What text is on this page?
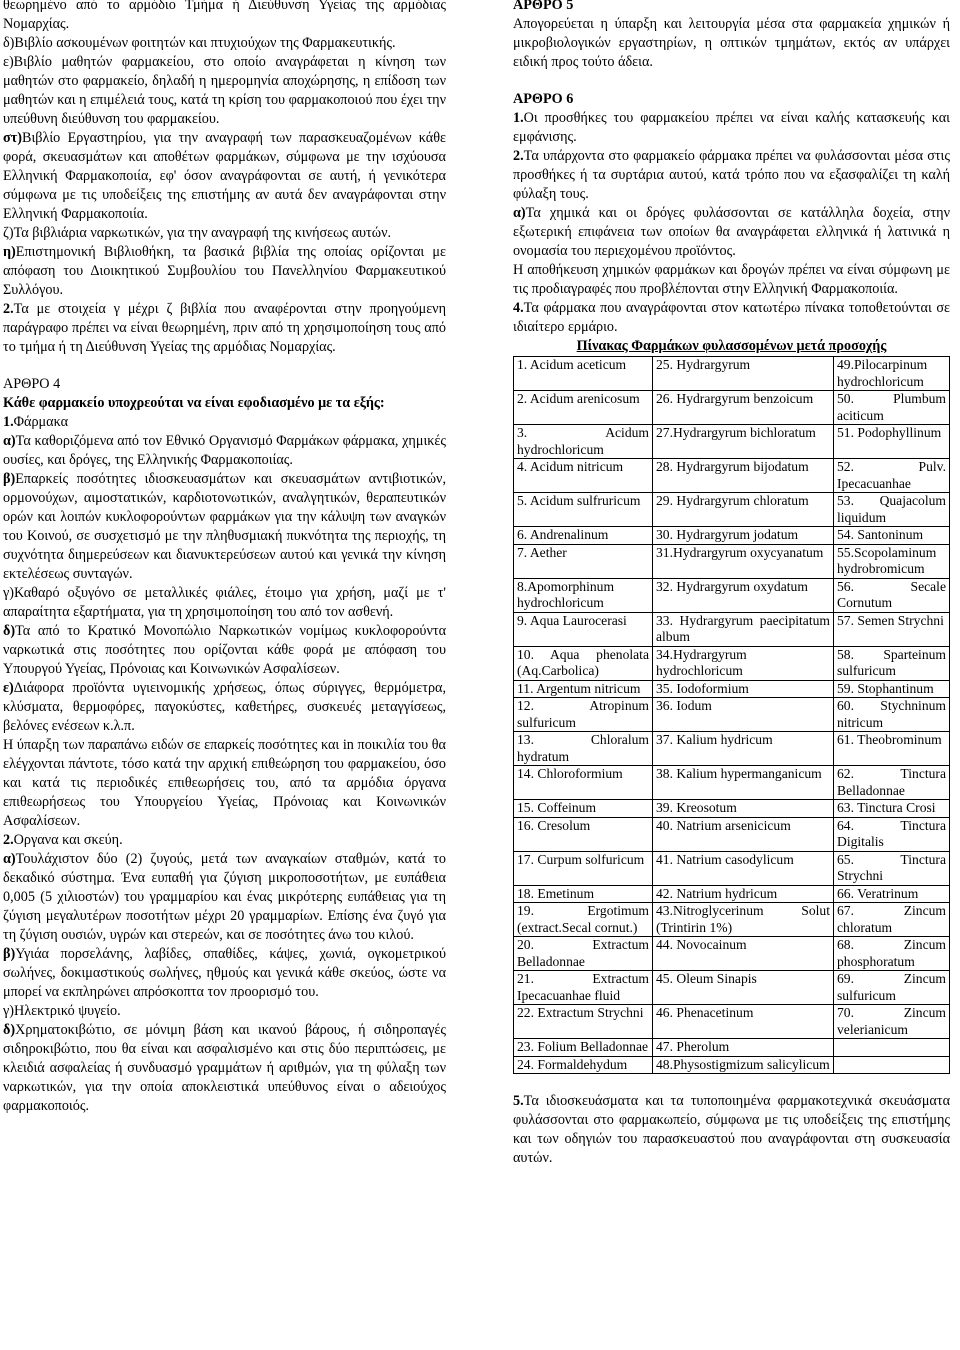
θεωρημένο από το αρμόδιο Τμήμα ή Διεύθυνση Υγείας της αρμόδιας Νομαρχίας.

δ)Βιβλίο ασκουμένων φοιτητών και πτυχιούχων της Φαρμακευτικής.

ε)Βιβλίο μαθητών φαρμακείου, στο οποίο αναγράφεται η κίνηση των μαθητών στο φαρμακείο, δηλαδή η ημερομηνία αποχώρησης, η επίδοση των μαθητών και η επιμέλειά τους, κατά τη κρίση του φαρμακοποιού που έχει την υπεύθυνη διεύθυνση του φαρμακείου.

στ)Βιβλίο Εργαστηρίου, για την αναγραφή των παρασκευαζομένων κάθε φορά, σκευασμάτων και αποθέτων φαρμάκων, σύμφωνα με την ισχύουσα Ελληνική Φαρμακοποιία, εφ' όσον αναγράφονται σε αυτή, ή γενικότερα σύμφωνα με τις υποδείξεις της επιστήμης αν αυτά δεν αναγράφονται στην Ελληνική Φαρμακοποιία.

ζ)Τα βιβλιάρια ναρκωτικών, για την αναγραφή της κινήσεως αυτών.

η)Επιστημονική Βιβλιοθήκη, τα βασικά βιβλία της οποίας ορίζονται με απόφαση του Διοικητικού Συμβουλίου του Πανελληνίου Φαρμακευτικού Συλλόγου.

2.Τα με στοιχεία γ μέχρι ζ βιβλία που αναφέρονται στην προηγούμενη παράγραφο πρέπει να είναι θεωρημένη, πριν από τη χρησιμοποίηση τους από το τμήμα ή τη Διεύθυνση Υγείας της αρμόδιας Νομαρχίας.

ΑΡΘΡΟ 4

Κάθε φαρμακείο υποχρεούται να είναι εφοδιασμένο με τα εξής:

1.Φάρμακα

α)Τα καθοριζόμενα από τον Εθνικό Οργανισμό Φαρμάκων φάρμακα, χημικές ουσίες, και δρόγες, της Ελληνικής Φαρμακοποιίας.

β)Επαρκείς ποσότητες ιδιοσκευασμάτων και σκευασμάτων αντιβιοτικών, ορμονούχων, αιμοστατικών, καρδιοτονωτικών, αναλγητικών, θεραπευτικών ορών και λοιπών κυκλοφορούντων φαρμάκων για την κάλυψη των αναγκών του Κοινού, σε συσχετισμό με την πληθυσμιακή πυκνότητα της περιοχής, τη συχνότητα διημερεύσεων και διανυκτερεύσεων αυτού και γενικά την κίνηση εκτελέσεως συνταγών.

γ)Καθαρό οξυγόνο σε μεταλλικές φιάλες, έτοιμο για χρήση, μαζί με τ' απαραίτητα εξαρτήματα, για τη χρησιμοποίηση του από τον ασθενή.

δ)Τα από το Κρατικό Μονοπώλιο Ναρκωτικών νομίμως κυκλοφορούντα ναρκωτικά στις ποσότητες που ορίζονται κάθε φορά με απόφαση του Υπουργού Υγείας, Πρόνοιας και Κοινωνικών Ασφαλίσεων.

ε)Διάφορα προϊόντα υγιεινομικής χρήσεως, όπως σύριγγες, θερμόμετρα, κλύσματα, θερμοφόρες, παγοκύστες, καθετήρες, συσκευές μεταγγίσεως, βελόνες ενέσεων κ.λ.π.

Η ύπαρξη των παραπάνω ειδών σε επαρκείς ποσότητες και in ποικιλία του θα ελέγχονται πάντοτε, τόσο κατά την αρχική επιθεώρηση του φαρμακείου, όσο και κατά τις περιοδικές επιθεωρήσεις του, από τα αρμόδια όργανα επιθεωρήσεως του Υπουργείου Υγείας, Πρόνοιας και Κοινωνικών Ασφαλίσεων.

2.Οργανα και σκεύη.

α)Τουλάχιστον δύο (2) ζυγούς, μετά των αναγκαίων σταθμών, κατά το δεκαδικό σύστημα. Ένα ευπαθή για ζύγιση μικροποσοτήτων, με ευπάθεια 0,005 (5 χιλιοστών) του γραμμαρίου και ένας μικρότερης ευπάθειας για τη ζύγιση μεγαλυτέρων ποσοτήτων μέχρι 20 γραμμαρίων. Επίσης ένα ζυγό για τη ζύγιση ουσιών, υγρών και στερεών, και σε ποσότητες άνω του κιλού.

β)Υγιάα πορσελάνης, λαβίδες, σπαθίδες, κάψες, χωνιά, ογκομετρικού σωλήνες, δοκιμαστικούς σωλήνες, ηθμούς και γενικά κάθε σκεύος, ώστε να μπορεί να εκπληρώνει απρόσκοπτα τον προορισμό του.

γ)Ηλεκτρικό ψυγείο.

δ)Χρηματοκιβώτιο, σε μόνιμη βάση και ικανού βάρους, ή σιδηροπαγές σιδηροκιβώτιο, που θα είναι και ασφαλισμένο και στις δύο περιπτώσεις, με κλειδιά ασφαλείας ή συνδυασμό γραμμάτων ή αριθμών, για τη φύλαξη των ναρκωτικών, για την οποία αποκλειστικά υπεύθυνος είναι ο αδειούχος φαρμακοποιός.

ΑΡΘΡΟ 5

Απογορεύεται η ύπαρξη και λειτουργία μέσα στα φαρμακεία χημικών ή μικροβιολογικών εργαστηρίων, η οπτικών τμημάτων, εκτός αν υπάρχει ειδική προς τούτο άδεια.

ΑΡΘΡΟ 6

1.Οι προσθήκες του φαρμακείου πρέπει να είναι καλής κατασκευής και εμφάνισης.

2.Τα υπάρχοντα στο φαρμακείο φάρμακα πρέπει να φυλάσσονται μέσα στις προσθήκες ή τα συρτάρια αυτού, κατά τρόπο που να εξασφαλίζει τη καλή φύλαξη τους.

α)Τα χημικά και οι δρόγες φυλάσσονται σε κατάλληλα δοχεία, στην εξωτερική επιφάνεια των οποίων θα αναγράφεται ελληνικά ή λατινικά η ονομασία του περιεχομένου προϊόντος.

Η αποθήκευση χημικών φαρμάκων και δρογών πρέπει να είναι σύμφωνη με τις προδιαγραφές που προβλέπονται στην Ελληνική Φαρμακοποιία.

4.Τα φάρμακα που αναγράφονται στον κατωτέρω πίνακα τοποθετούνται σε ιδιαίτερο ερμάριο.

Πίνακας Φαρμάκων φυλασσομένων μετά προσοχής

1. Acidum aceticum	25. Hydrargyrum	49.Pilocarpinum hydrochloricum
2. Acidum arenicosum	26. Hydrargyrum benzoicum	50. Plumbum aciticum
3. Acidum hydrochloricum	27.Hydrargyrum bichloratum	51. Podophyllinum
4. Acidum nitricum	28. Hydrargyrum bijodatum	52. Pulv. Ipecacuanhae
5. Acidum sulfruricum	29. Hydrargyrum chloratum	53. Quajacolum liquidum
6. Andrenalinum	30. Hydrargyrum jodatum	54. Santoninum
7. Aether	31.Hydrargyrum oxycyanatum	55.Scopolaminum hydrobromicum
8.Apomorphinum hydrochloricum	32. Hydrargyrum oxydatum	56. Secale Cornutum
9. Aqua Laurocerasi	33. Hydrargyrum paecipitatum album	57. Semen Strychni
10. Aqua phenolata (Aq.Carbolica)	34.Hydrargyrum hydrochloricum	58. Sparteinum sulfuricum
11. Argentum nitricum	35. Iodoformium	59. Stophantinum
12. Atropinum sulfuricum	36. Iodum	60. Stychninum nitricum
13. Chloralum hydratum	37. Kalium hydricum	61. Theobrominum
14. Chloroformium	38. Kalium hypermanganicum	62. Tinctura Belladonnae
15. Coffeinum	39. Kreosotum	63. Tinctura Crosi
16. Cresolum	40. Natrium arsenicicum	64. Tinctura Digitalis
17. Curpum solfuricum	41. Natrium casodylicum	65. Tinctura Strychni
18. Emetinum	42. Natrium hydricum	66. Veratrinum
19. Ergotimum (extract.Secal cornut.)	43.Nitroglycerinum Solut (Trintirin 1%)	67. Zincum chloratum
20. Extractum Belladonnae	44. Novocainum	68. Zincum phosphoratum
21. Extractum Ipecacuanhae fluid	45. Oleum Sinapis	69. Zincum sulfuricum
22. Extractum Strychni	46. Phenacetinum	70. Zincum velerianicum
23. Folium Belladonnae	47. Pherolum	
24. Formaldehydum	48.Physostigmizum salicylicum	

5.Τα ιδιοσκευάσματα και τα τυποποιημένα φαρμακοτεχνικά σκευάσματα φυλάσσονται στο φαρμακωπείο, σύμφωνα με τις υποδείξεις της επιστήμης και των οδηγιών του παρασκευαστού που αναγράφονται στη συσκευασία αυτών.
